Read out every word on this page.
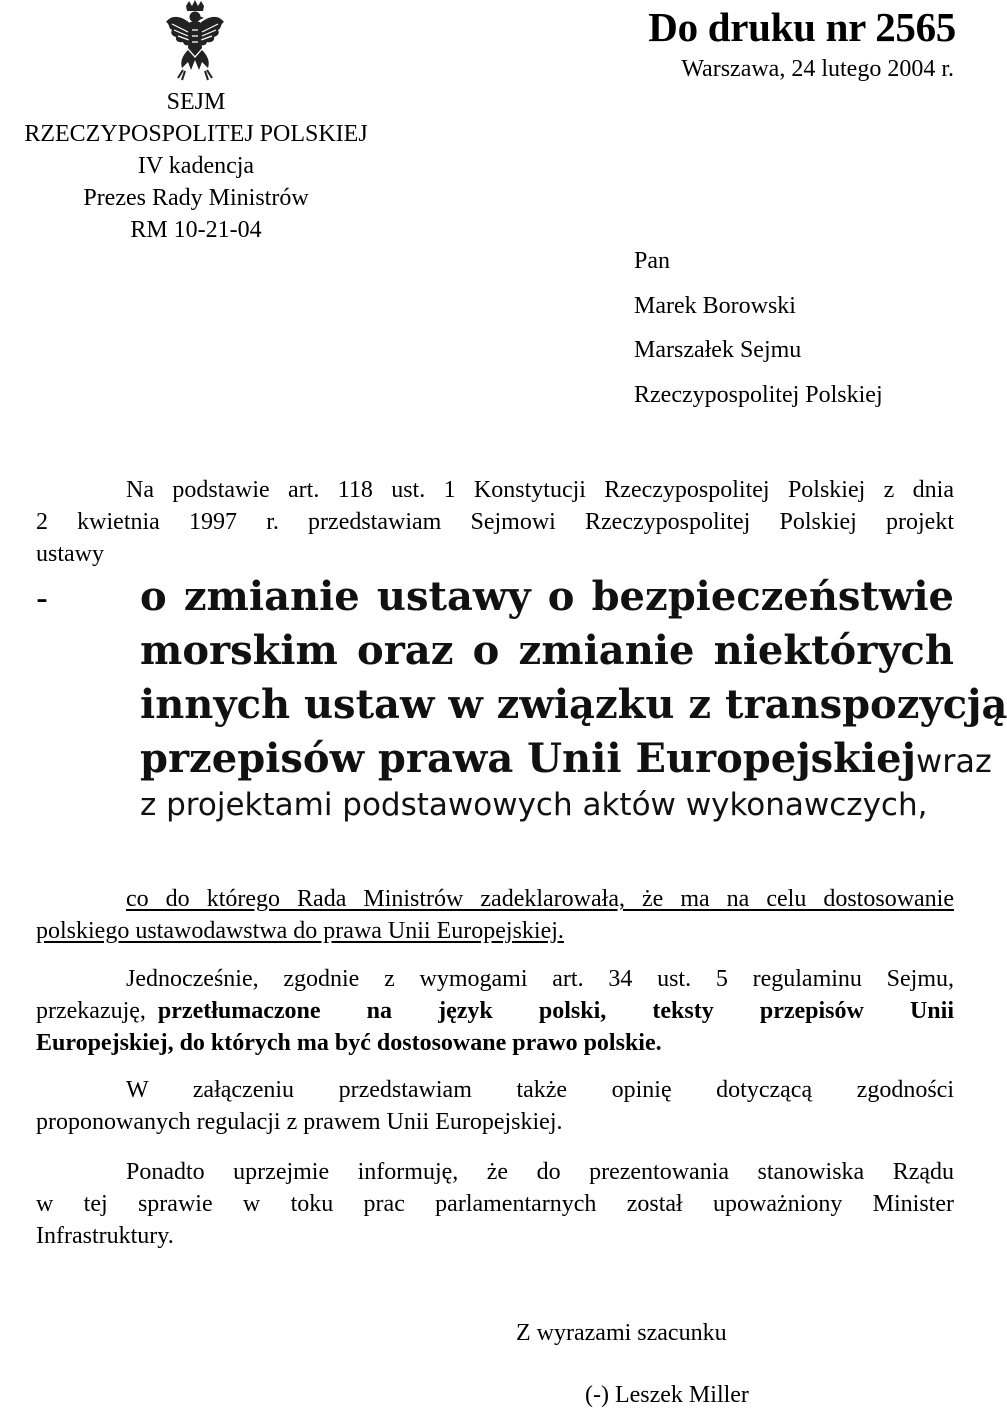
SEJM
RZECZYPOSPOLITEJ POLSKIEJ
IV kadencja
Prezes Rady Ministrów
RM 10-21-04
Do druku nr 2565
Warszawa, 24 lutego 2004 r.
Pan
Marek Borowski
Marszałek Sejmu
Rzeczypospolitej Polskiej
Na podstawie art. 118 ust. 1 Konstytucji Rzeczypospolitej Polskiej z dnia
2 kwietnia 1997 r. przedstawiam Sejmowi Rzeczypospolitej Polskiej projekt
ustawy
- o zmianie ustawy o bezpieczeństwie
morskim oraz o zmianie niektórych
innych ustaw w związku z transpozycją
przepisów prawa Unii Europejskiej wraz
z projektami podstawowych aktów wykonawczych,
co do którego Rada Ministrów zadeklarowała, że ma na celu dostosowanie
polskiego ustawodawstwa do prawa Unii Europejskiej.
Jednocześnie, zgodnie z wymogami art. 34 ust. 5 regulaminu Sejmu,
przekazuję, przetłumaczone na język polski, teksty przepisów Unii
Europejskiej, do których ma być dostosowane prawo polskie.
W załączeniu przedstawiam także opinię dotyczącą zgodności
proponowanych regulacji z prawem Unii Europejskiej.
Ponadto uprzejmie informuję, że do prezentowania stanowiska Rządu
w tej sprawie w toku prac parlamentarnych został upoważniony Minister
Infrastruktury.
Z wyrazami szacunku
(-) Leszek Miller
